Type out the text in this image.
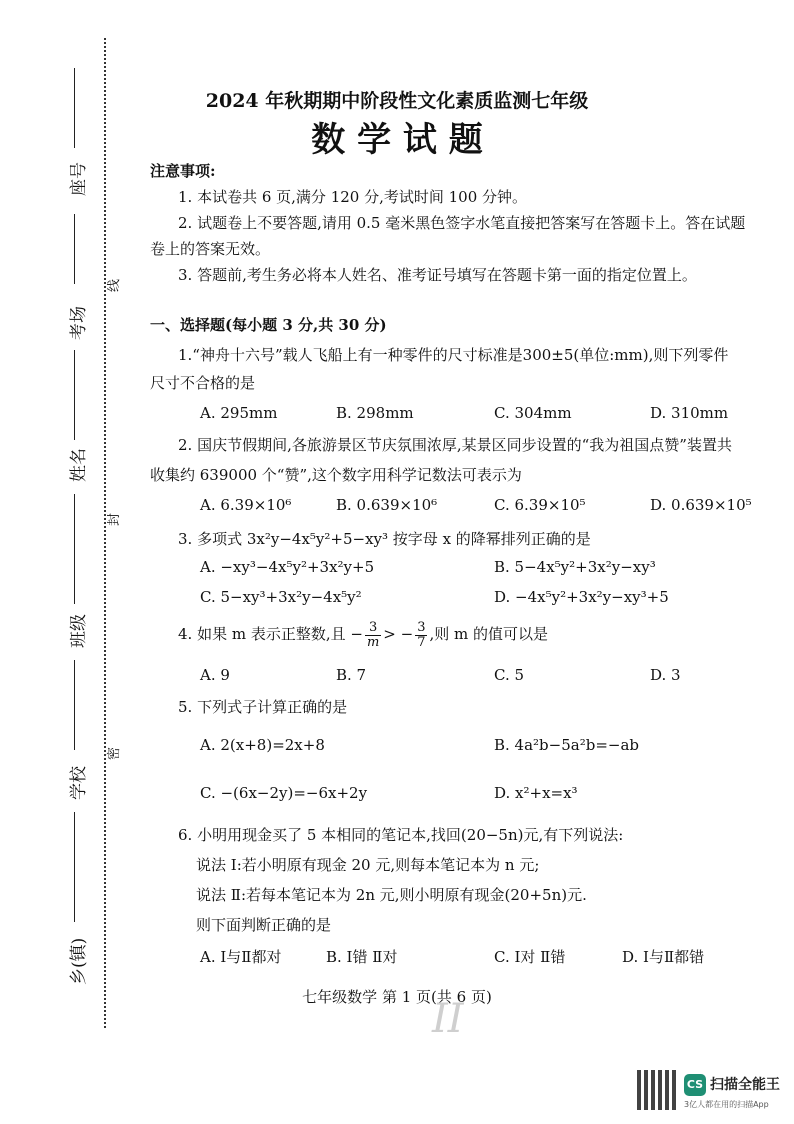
座号
考场
姓名
班级
学校
乡(镇)
线
封
密
2024 年秋期期中阶段性文化素质监测七年级
数 学 试 题
注意事项:
1. 本试卷共 6 页,满分 120 分,考试时间 100 分钟。
2. 试题卷上不要答题,请用 0.5 毫米黑色签字水笔直接把答案写在答题卡上。答在试题
卷上的答案无效。
3. 答题前,考生务必将本人姓名、准考证号填写在答题卡第一面的指定位置上。
一、选择题(每小题 3 分,共 30 分)
1.“神舟十六号”载人飞船上有一种零件的尺寸标准是300±5(单位:mm),则下列零件
尺寸不合格的是
A. 295mm	B. 298mm	C. 304mm	D. 310mm
2. 国庆节假期间,各旅游景区节庆氛围浓厚,某景区同步设置的“我为祖国点赞”装置共
收集约 639000 个“赞”,这个数字用科学记数法可表示为
A. 6.39×10⁶	B. 0.639×10⁶	C. 6.39×10⁵	D. 0.639×10⁵
3. 多项式 3x²y−4x⁵y²+5−xy³ 按字母 x 的降幂排列正确的是
A. −xy³−4x⁵y²+3x²y+5	B. 5−4x⁵y²+3x²y−xy³
C. 5−xy³+3x²y−4x⁵y²	D. −4x⁵y²+3x²y−xy³+5
4. 如果 m 表示正整数,且 − $\frac{3}{m}$ > − $\frac{3}{7}$ ,则 m 的值可以是
A. 9	B. 7	C. 5	D. 3
5. 下列式子计算正确的是
A. 2(x+8)=2x+8	B. 4a²b−5a²b=−ab
C. −(6x−2y)=−6x+2y	D. x²+x=x³
6. 小明用现金买了 5 本相同的笔记本,找回(20−5n)元,有下列说法:
说法 Ⅰ:若小明原有现金 20 元,则每本笔记本为 n 元;
说法 Ⅱ:若每本笔记本为 2n 元,则小明原有现金(20+5n)元.
则下面判断正确的是
A. Ⅰ与Ⅱ都对	B. Ⅰ错 Ⅱ对	C. Ⅰ对 Ⅱ错	D. Ⅰ与Ⅱ都错
七年级数学 第 1 页(共 6 页)
II
CS 扫描全能王
3亿人都在用的扫描App
